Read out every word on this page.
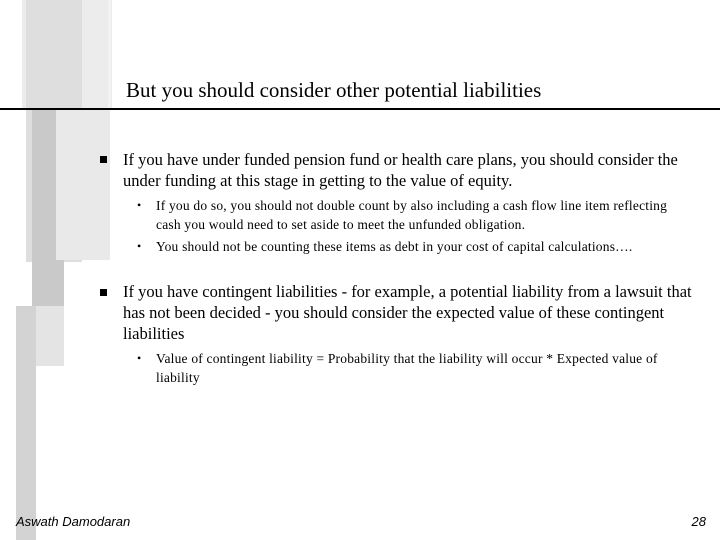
But you should consider other potential liabilities
If you have under funded pension fund or health care plans, you should consider the under funding at this stage in getting to the value of equity.
• If you do so, you should not double count by also including a cash flow line item reflecting cash you would need to set aside to meet the unfunded obligation.
• You should not be counting these items as debt in your cost of capital calculations….
If you have contingent liabilities - for example, a potential liability from a lawsuit that has not been decided - you should consider the expected value of these contingent liabilities
• Value of contingent liability = Probability that the liability will occur * Expected value of liability
Aswath Damodaran	28
